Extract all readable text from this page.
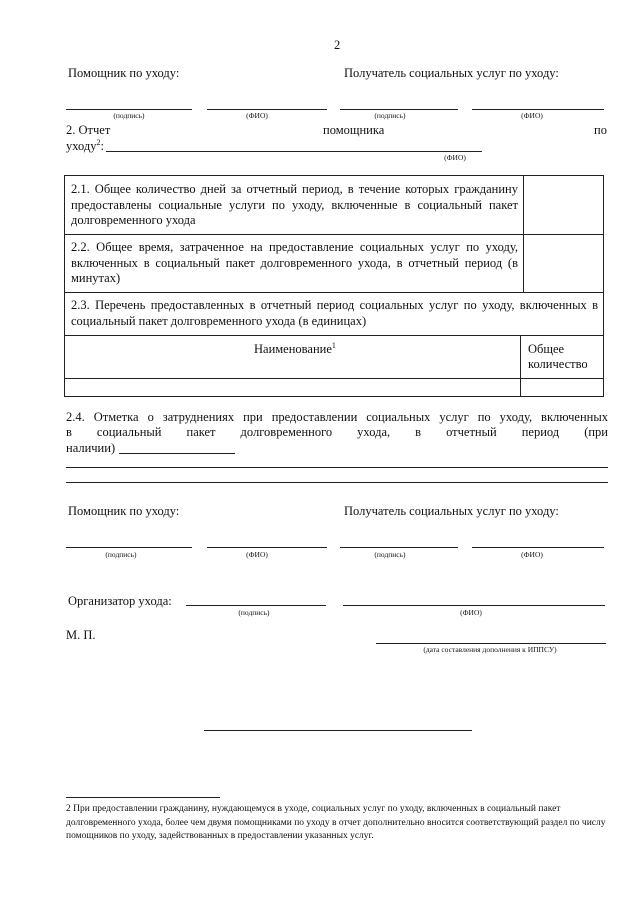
2
Помощник по уходу:	Получатель социальных услуг по уходу:
(подпись)	(ФИО)	(подпись)	(ФИО)
2. Отчет	помощника	по
уходу$^2$:
(ФИО)
2.1. Общее количество дней за отчетный период, в течение которых гражданину предоставлены социальные услуги по уходу, включенные в социальный пакет долговременного ухода
2.2. Общее время, затраченное на предоставление социальных услуг по уходу, включенных в социальный пакет долговременного ухода, в отчетный период (в минутах)
2.3. Перечень предоставленных в отчетный период социальных услуг по уходу, включенных в социальный пакет долговременного ухода (в единицах)
Наименование$^1$	Общее
количество
2.4. Отметка о затруднениях при предоставлении социальных услуг по уходу, включенных
в социальный пакет долговременного ухода, в отчетный период (при
наличии)
Помощник по уходу:	Получатель социальных услуг по уходу:
(подпись)	(ФИО)	(подпись)	(ФИО)
Организатор ухода:
(подпись)	(ФИО)
М. П.
(дата составления дополнения к ИППСУ)
2 При предоставлении гражданину, нуждающемуся в уходе, социальных услуг по уходу, включенных в социальный пакет долговременного ухода, более чем двумя помощниками по уходу в отчет дополнительно вносится соответствующий раздел по числу помощников по уходу, задействованных в предоставлении указанных услуг.
